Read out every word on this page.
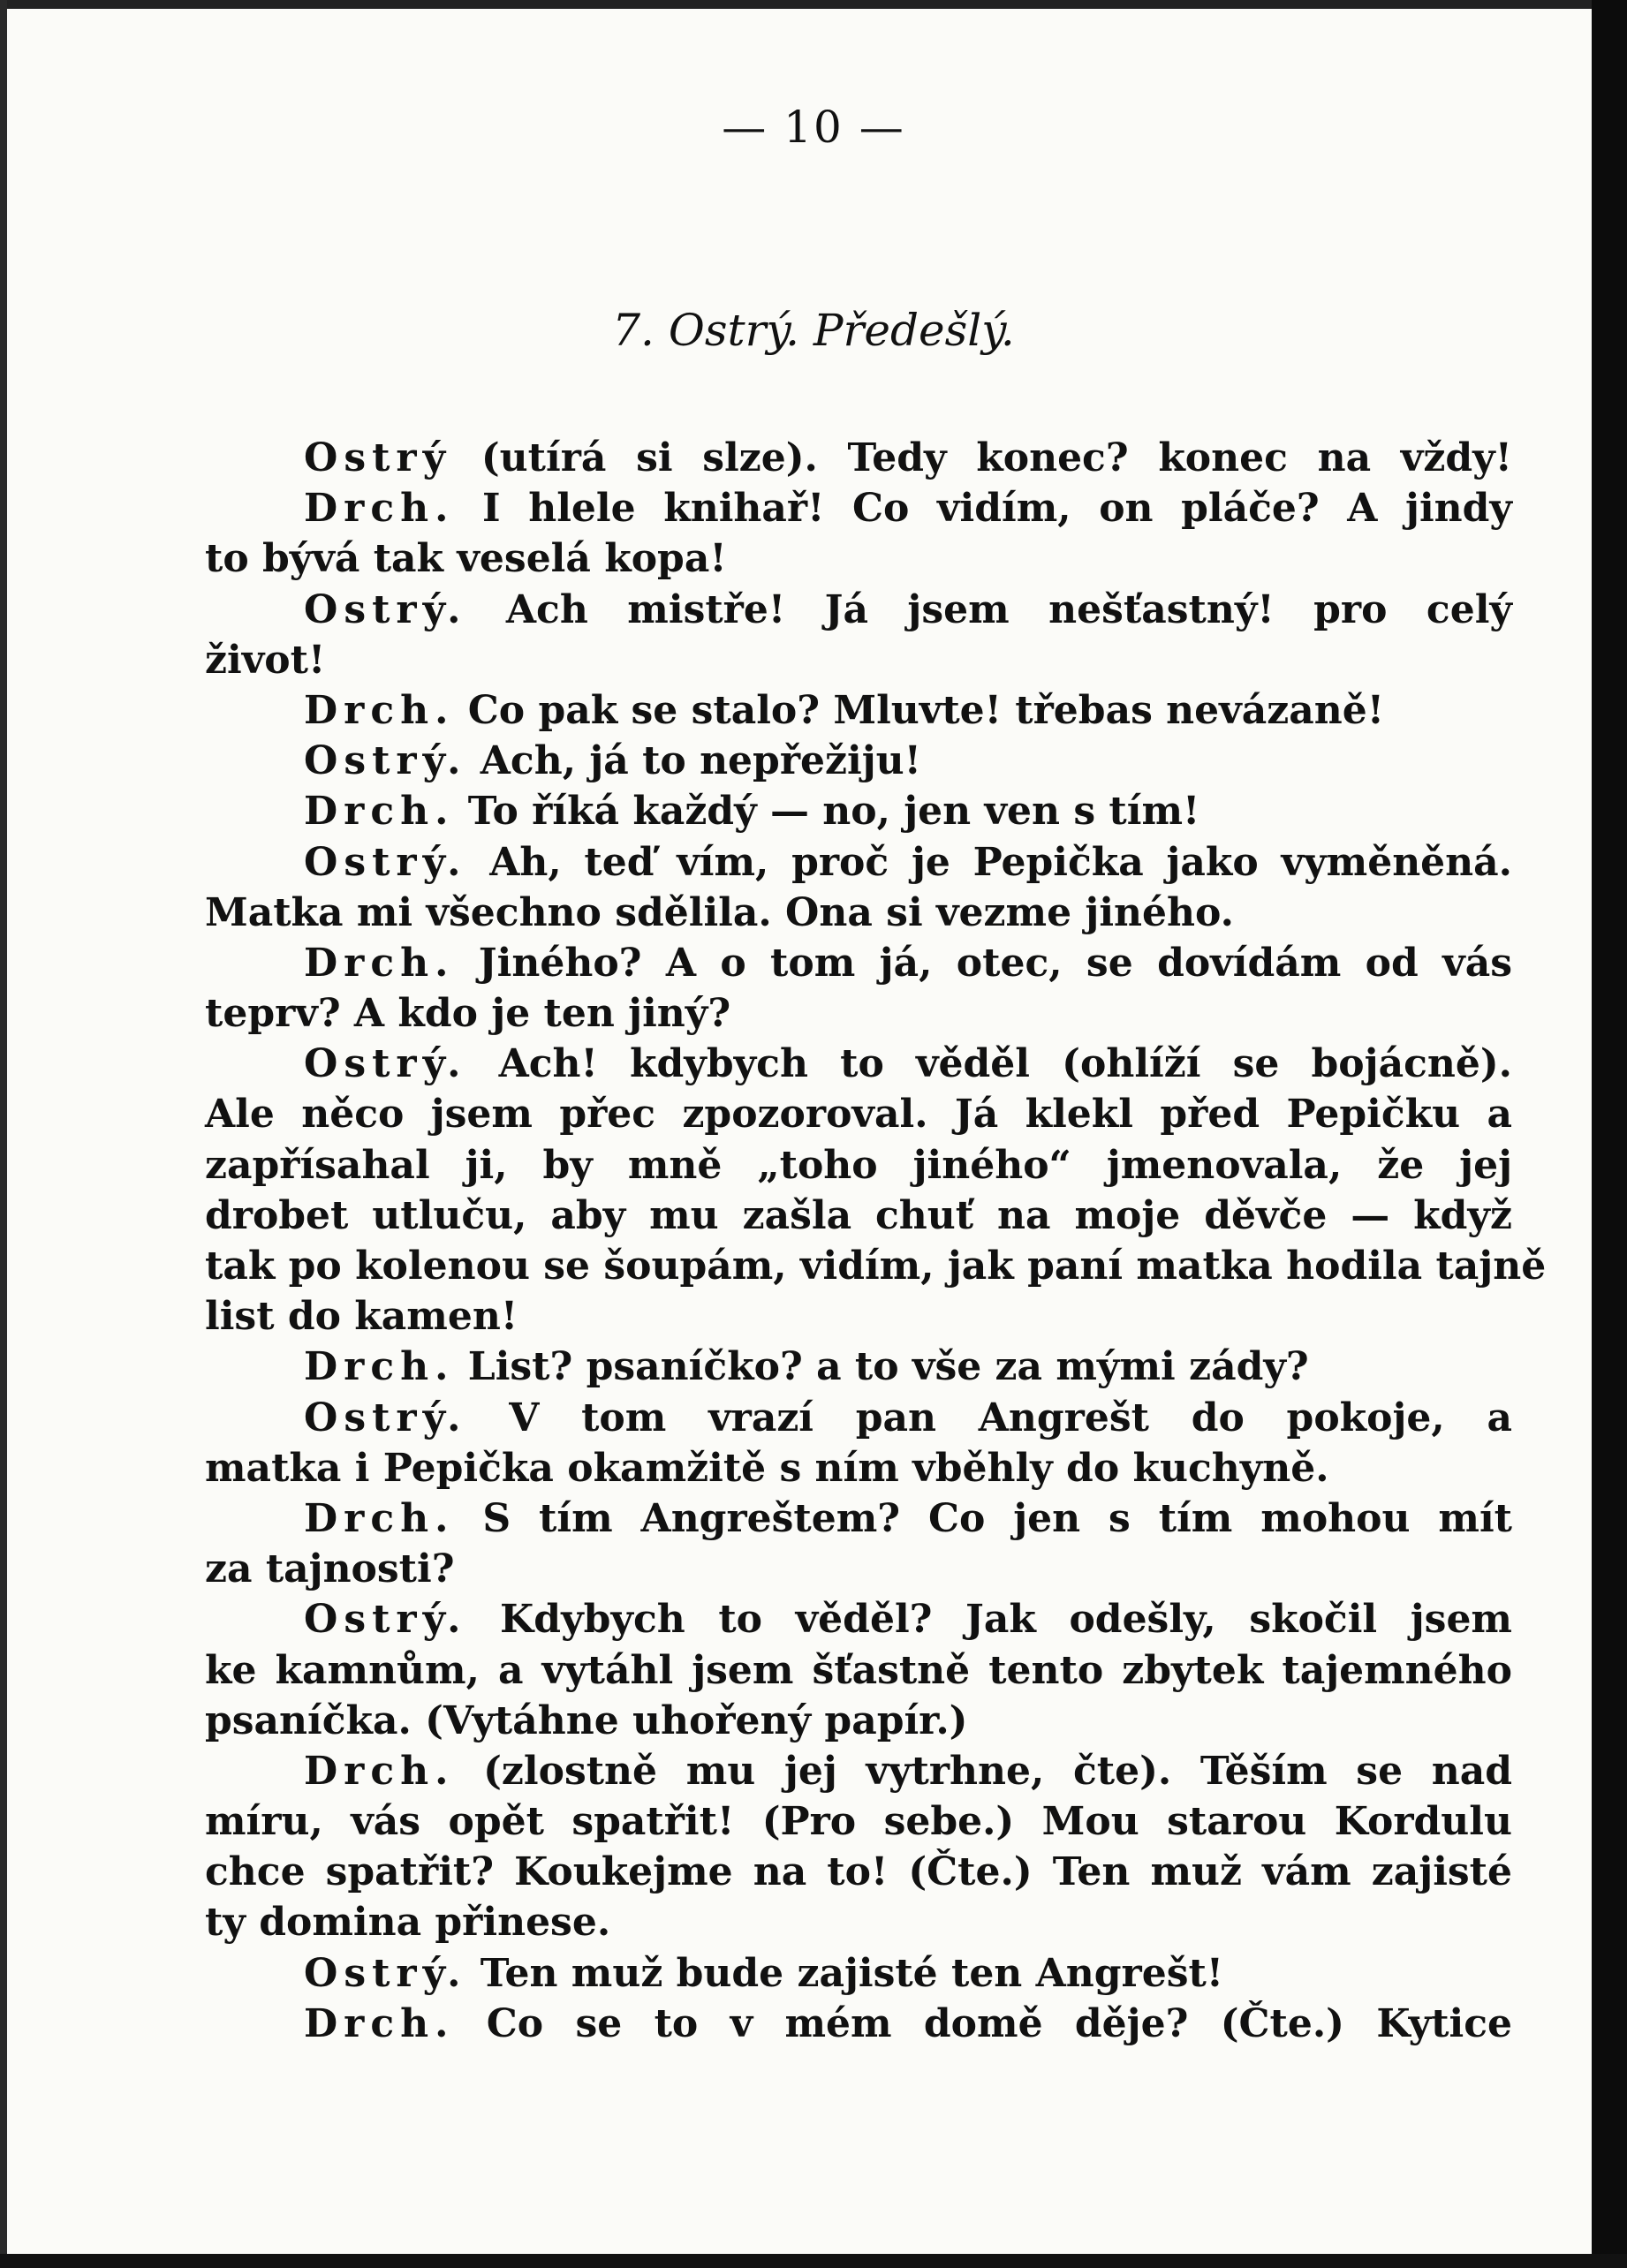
— 10 —
7. Ostrý. Předešlý.
Ostrý (utírá si slze). Tedy konec? konec na vždy!
Drch. I hlele knihař! Co vidím, on pláče? A jindy
to bývá tak veselá kopa!
Ostrý. Ach mistře! Já jsem nešťastný! pro celý
život!
Drch. Co pak se stalo? Mluvte! třebas nevázaně!
Ostrý. Ach, já to nepřežiju!
Drch. To říká každý — no, jen ven s tím!
Ostrý. Ah, teď vím, proč je Pepička jako vyměněná.
Matka mi všechno sdělila. Ona si vezme jiného.
Drch. Jiného? A o tom já, otec, se dovídám od vás
teprv? A kdo je ten jiný?
Ostrý. Ach! kdybych to věděl (ohlíží se bojácně).
Ale něco jsem přec zpozoroval. Já klekl před Pepičku a
zapřísahal ji, by mně „toho jiného“ jmenovala, že jej
drobet utluču, aby mu zašla chuť na moje děvče — když
tak po kolenou se šoupám, vidím, jak paní matka hodila tajně
list do kamen!
Drch. List? psaníčko? a to vše za mými zády?
Ostrý. V tom vrazí pan Angrešt do pokoje, a
matka i Pepička okamžitě s ním vběhly do kuchyně.
Drch. S tím Angreštem? Co jen s tím mohou mít
za tajnosti?
Ostrý. Kdybych to věděl? Jak odešly, skočil jsem
ke kamnům, a vytáhl jsem šťastně tento zbytek tajemného
psaníčka. (Vytáhne uhořený papír.)
Drch. (zlostně mu jej vytrhne, čte). Těším se nad
míru, vás opět spatřit! (Pro sebe.) Mou starou Kordulu
chce spatřit? Koukejme na to! (Čte.) Ten muž vám zajisté
ty domina přinese.
Ostrý. Ten muž bude zajisté ten Angrešt!
Drch. Co se to v mém domě děje? (Čte.) Kytice
